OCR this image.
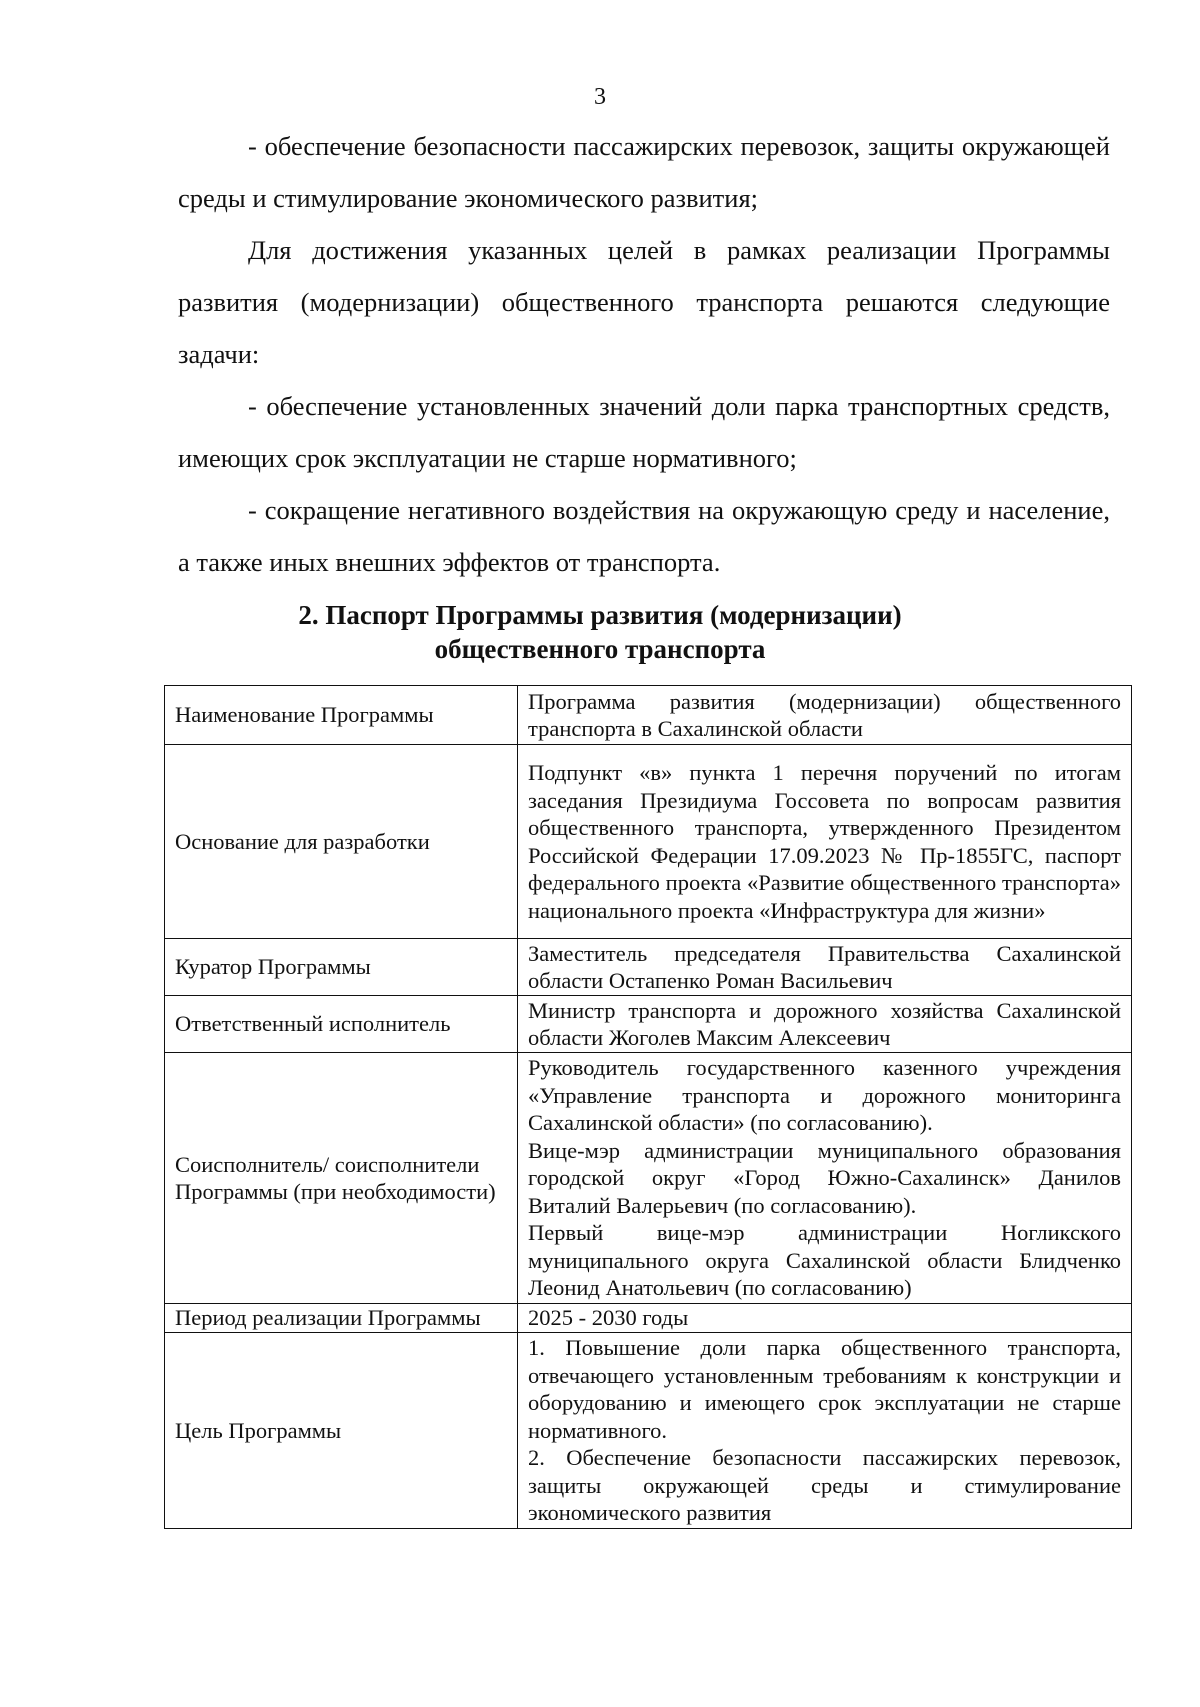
3

- обеспечение безопасности пассажирских перевозок, защиты окружающей среды и стимулирование экономического развития;

Для достижения указанных целей в рамках реализации Программы развития (модернизации) общественного транспорта решаются следующие задачи:

- обеспечение установленных значений доли парка транспортных средств, имеющих срок эксплуатации не старше нормативного;

- сокращение негативного воздействия на окружающую среду и население, а также иных внешних эффектов от транспорта.

2. Паспорт Программы развития (модернизации)
общественного транспорта
Наименование Программы	Программа развития (модернизации) общественного транспорта в Сахалинской области
Основание для разработки	Подпункт «в» пункта 1 перечня поручений по итогам заседания Президиума Госсовета по вопросам развития общественного транспорта, утвержденного Президентом Российской Федерации 17.09.2023 № Пр-1855ГС, паспорт федерального проекта «Развитие общественного транспорта» национального проекта «Инфраструктура для жизни»
Куратор Программы	Заместитель председателя Правительства Сахалинской области Остапенко Роман Васильевич
Ответственный исполнитель	Министр транспорта и дорожного хозяйства Сахалинской области Жоголев Максим Алексеевич
Соисполнитель/ соисполнители Программы (при необходимости)	Руководитель государственного казенного учреждения «Управление транспорта и дорожного мониторинга Сахалинской области» (по согласованию).
Вице-мэр администрации муниципального образования городской округ «Город Южно-Сахалинск» Данилов Виталий Валерьевич (по согласованию).
Первый вице-мэр администрации Ногликского муниципального округа Сахалинской области Блидченко Леонид Анатольевич (по согласованию)

Период реализации Программы	2025 - 2030 годы
Цель Программы	1. Повышение доли парка общественного транспорта, отвечающего установленным требованиям к конструкции и оборудованию и имеющего срок эксплуатации не старше нормативного.
2. Обеспечение безопасности пассажирских перевозок, защиты окружающей среды и стимулирование экономического развития
